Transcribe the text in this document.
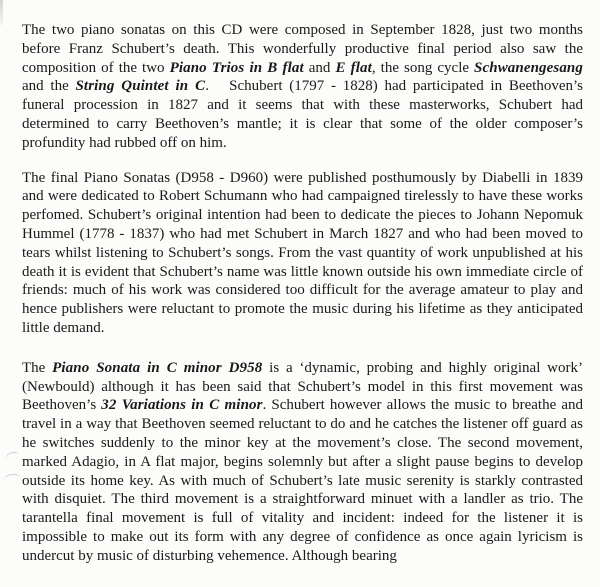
The two piano sonatas on this CD were composed in September 1828, just two months before Franz Schubert’s death. This wonderfully productive final period also saw the composition of the two Piano Trios in B flat and E flat, the song cycle Schwanengesang and the String Quintet in C.   Schubert (1797 - 1828) had participated in Beethoven’s funeral procession in 1827 and it seems that with these masterworks, Schubert had determined to carry Beethoven’s mantle; it is clear that some of the older composer’s profundity had rubbed off on him.

The final Piano Sonatas (D958 - D960) were published posthumously by Diabelli in 1839 and were dedicated to Robert Schumann who had campaigned tirelessly to have these works perfomed. Schubert’s original intention had been to dedicate the pieces to Johann Nepomuk Hummel (1778 - 1837) who had met Schubert in March 1827 and who had been moved to tears whilst listening to Schubert’s songs. From the vast quantity of work unpublished at his death it is evident that Schubert’s name was little known outside his own immediate circle of friends: much of his work was considered too difficult for the average amateur to play and hence publishers were reluctant to promote the music during his lifetime as they anticipated little demand.

The Piano Sonata in C minor D958 is a ‘dynamic, probing and highly original work’ (Newbould) although it has been said that Schubert’s model in this first movement was Beethoven’s 32 Variations in C minor. Schubert however allows the music to breathe and travel in a way that Beethoven seemed reluctant to do and he catches the listener off guard as he switches suddenly to the minor key at the movement’s close. The second movement, marked Adagio, in A flat major, begins solemnly but after a slight pause begins to develop outside its home key. As with much of Schubert’s late music serenity is starkly contrasted with disquiet. The third movement is a straightforward minuet with a landler as trio. The tarantella final movement is full of vitality and incident: indeed for the listener it is impossible to make out its form with any degree of confidence as once again lyricism is undercut by music of disturbing vehemence. Although bearing
